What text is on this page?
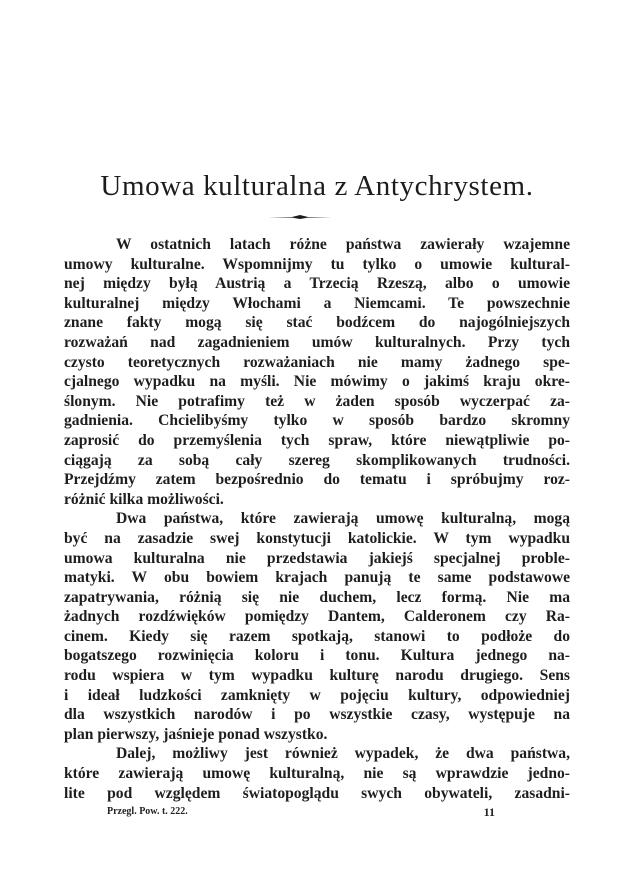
Umowa kulturalna z Antychrystem.
W ostatnich latach różne państwa zawierały wzajemne
umowy kulturalne. Wspomnijmy tu tylko o umowie kultural-
nej między byłą Austrią a Trzecią Rzeszą, albo o umowie
kulturalnej między Włochami a Niemcami. Te powszechnie
znane fakty mogą się stać bodźcem do najogólniejszych
rozważań nad zagadnieniem umów kulturalnych. Przy tych
czysto teoretycznych rozważaniach nie mamy żadnego spe-
cjalnego wypadku na myśli. Nie mówimy o jakimś kraju okre-
ślonym. Nie potrafimy też w żaden sposób wyczerpać za-
gadnienia. Chcielibyśmy tylko w sposób bardzo skromny
zaprosić do przemyślenia tych spraw, które niewątpliwie po-
ciągają za sobą cały szereg skomplikowanych trudności.
Przejdźmy zatem bezpośrednio do tematu i spróbujmy roz-
różnić kilka możliwości.
Dwa państwa, które zawierają umowę kulturalną, mogą
być na zasadzie swej konstytucji katolickie. W tym wypadku
umowa kulturalna nie przedstawia jakiejś specjalnej proble-
matyki. W obu bowiem krajach panują te same podstawowe
zapatrywania, różnią się nie duchem, lecz formą. Nie ma
żadnych rozdźwięków pomiędzy Dantem, Calderonem czy Ra-
cinem. Kiedy się razem spotkają, stanowi to podłoże do
bogatszego rozwinięcia koloru i tonu. Kultura jednego na-
rodu wspiera w tym wypadku kulturę narodu drugiego. Sens
i ideał ludzkości zamknięty w pojęciu kultury, odpowiedniej
dla wszystkich narodów i po wszystkie czasy, występuje na
plan pierwszy, jaśnieje ponad wszystko.
Dalej, możliwy jest również wypadek, że dwa państwa,
które zawierają umowę kulturalną, nie są wprawdzie jedno-
lite pod względem światopoglądu swych obywateli, zasadni-
Przegl. Pow. t. 222.	11
